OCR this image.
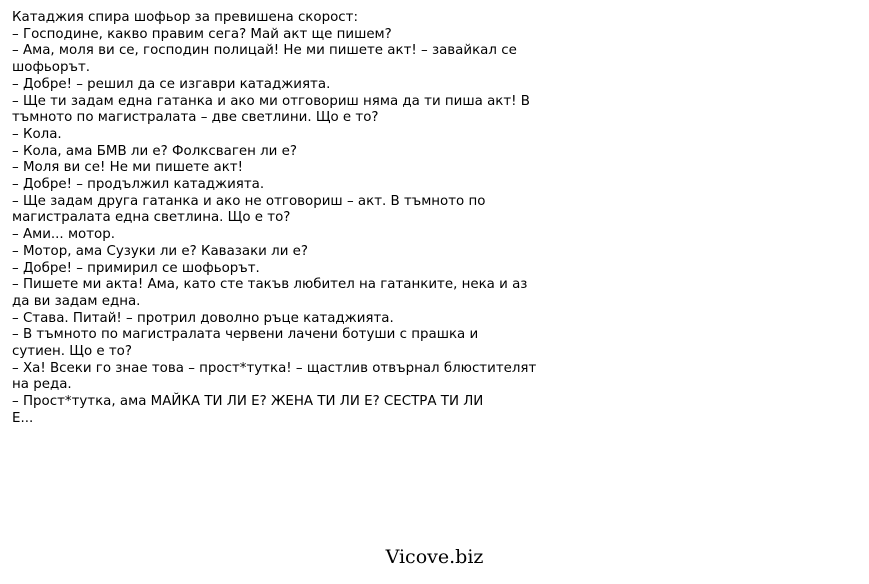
Катаджия спира шофьор за превишена скорост:
– Господине, какво правим сега? Май акт ще пишем?
– Ама, моля ви се, господин полицай! Не ми пишете акт! – завайкал се
шофьорът.
– Добре! – решил да се изгаври катаджията.
– Ще ти задам една гатанка и ако ми отговориш няма да ти пиша акт! В
тъмното по магистралата – две светлини. Що е то?
– Кола.
– Кола, ама БМВ ли е? Фолксваген ли е?
– Моля ви се! Не ми пишете акт!
– Добре! – продължил катаджията.
– Ще задам друга гатанка и ако не отговориш – акт. В тъмното по
магистралата една светлина. Що е то?
– Ами... мотор.
– Мотор, ама Сузуки ли е? Кавазаки ли е?
– Добре! – примирил се шофьорът.
– Пишете ми акта! Ама, като сте такъв любител на гатанките, нека и аз
да ви задам една.
– Става. Питай! – протрил доволно ръце катаджията.
– В тъмното по магистралата червени лачени ботуши с прашка и
сутиен. Що е то?
– Ха! Всеки го знае това – прост*тутка! – щастлив отвърнал блюстителят
на реда.
– Прост*тутка, ама МАЙКА ТИ ЛИ Е? ЖЕНА ТИ ЛИ Е? СЕСТРА ТИ ЛИ
Е...
Vicove.biz
